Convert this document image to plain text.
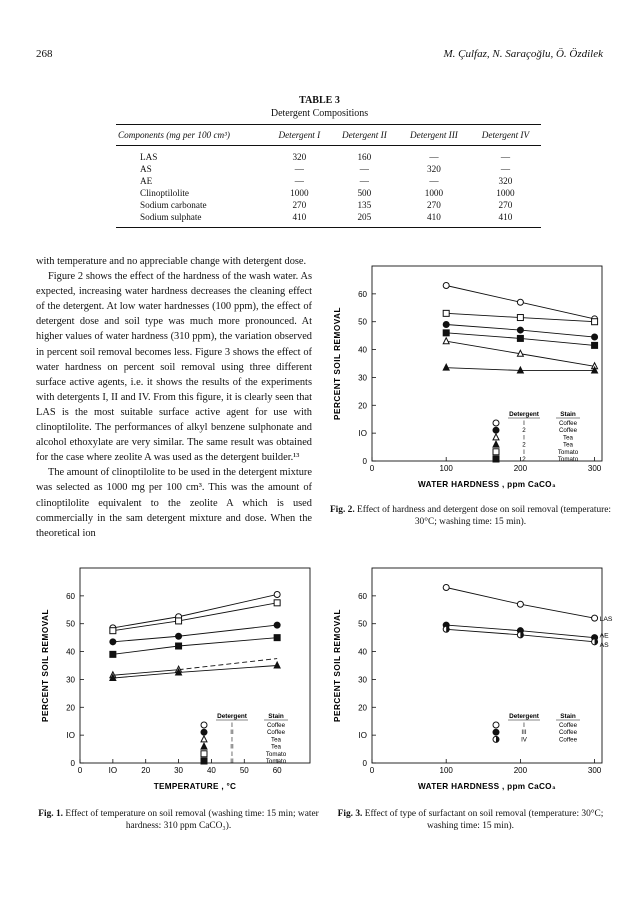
268	M. Çulfaz, N. Saraçoğlu, Ö. Özdilek
TABLE 3
Detergent Compositions
Components (mg per 100 cm³)	Detergent I	Detergent II	Detergent III	Detergent IV
LAS	320	160	—	—
AS	—	—	320	—
AE	—	—	—	320
Clinoptilolite	1000	500	1000	1000
Sodium carbonate	270	135	270	270
Sodium sulphate	410	205	410	410

with temperature and no appreciable change with detergent dose.

Figure 2 shows the effect of the hardness of the wash water. As expected, increasing water hardness decreases the cleaning effect of the detergent. At low water hardnesses (100 ppm), the effect of detergent dose and soil type was much more pronounced. At higher values of water hardness (310 ppm), the variation observed in percent soil removal becomes less. Figure 3 shows the effect of water hardness on percent soil removal using three different surface active agents, i.e. it shows the results of the experiments with detergents I, II and IV. From this figure, it is clearly seen that LAS is the most suitable surface active agent for use with clinoptilolite. The performances of alkyl benzene sulphonate and alcohol ethoxylate are very similar. The same result was obtained for the case where zeolite A was used as the detergent builder.¹³

The amount of clinoptilolite to be used in the detergent mixture was selected as 1000 mg per 100 cm³. This was the amount of clinoptilolite equivalent to the zeolite A which is used commercially in the sam detergent mixture and dose. When the theoretical ion

0
IO
20
30
40
50
60
0	100	200	300
WATER HARDNESS , ppm CaCO₃
PERCENT SOIL REMOVAL	Detergent	Stain
I	Coffee
2	Coffee
I	Tea
2	Tea
I	Tomato
2	Tomato
Fig. 2. Effect of hardness and detergent dose on soil removal (temperature: 30°C; washing time: 15 min).
0
IO
20
30
40
50
60
0	IO	20	30	40	50	60
TEMPERATURE , °C
PERCENT SOIL REMOVAL	Detergent	Stain
I	Coffee
II	Coffee
I	Tea
II	Tea
I	Tomato
II	Tomato
Fig. 1. Effect of temperature on soil removal (washing time: 15 min; water hardness: 310 ppm CaCO₃).
0
IO
20
30
40
50
60
0	100	200	300
WATER HARDNESS , ppm CaCO₃
PERCENT SOIL REMOVAL	LAS
AE
AS
Detergent	Stain
I	Coffee
III	Coffee
IV	Coffee
Fig. 3. Effect of type of surfactant on soil removal (temperature: 30°C; washing time: 15 min).
